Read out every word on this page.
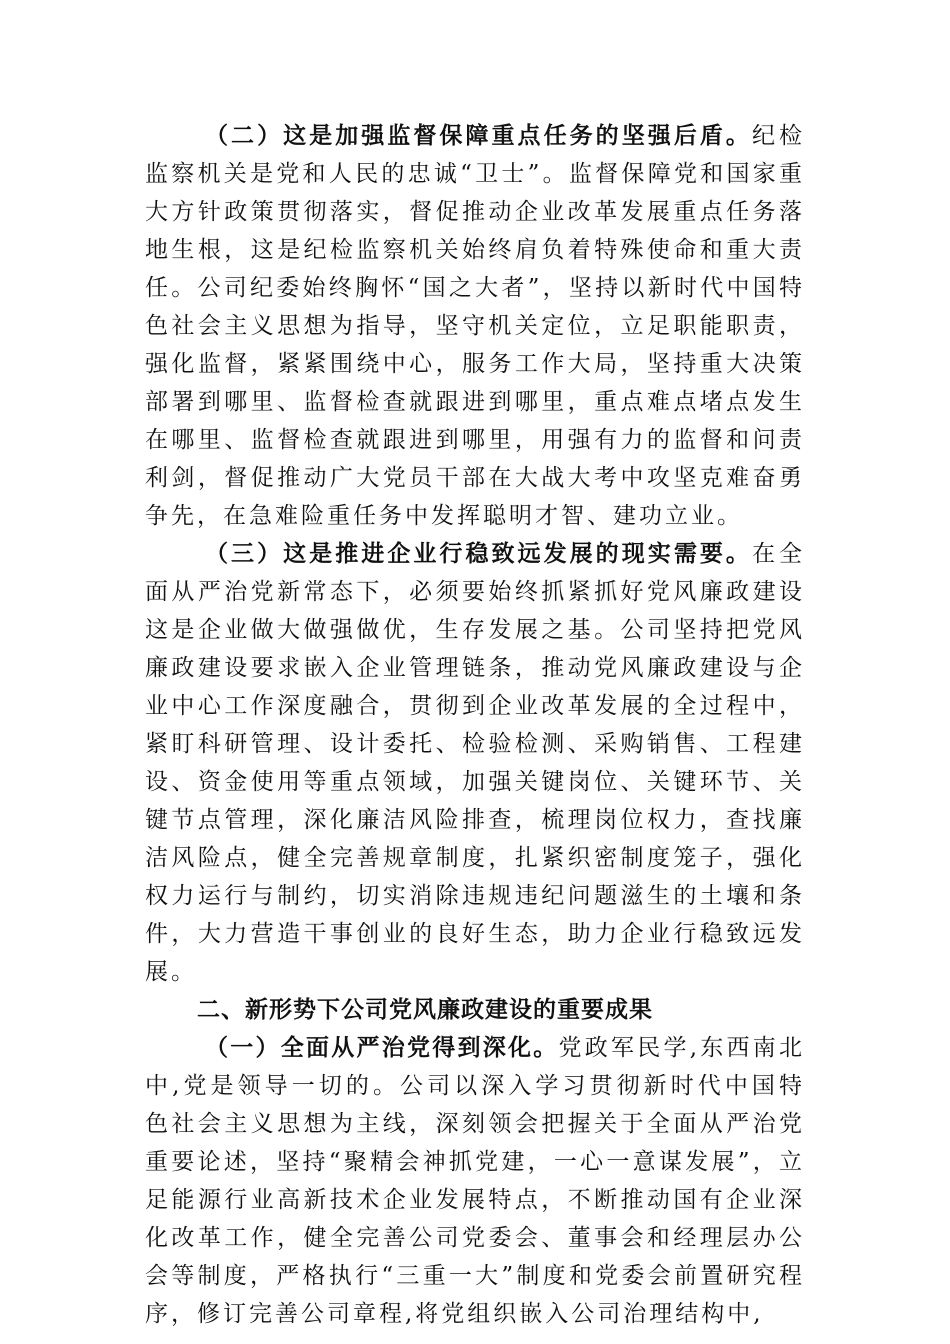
（二）这是加强监督保障重点任务的坚强后盾。纪检监察机关是党和人民的忠诚“卫士”。监督保障党和国家重大方针政策贯彻落实，督促推动企业改革发展重点任务落地生根，这是纪检监察机关始终肩负着特殊使命和重大责任。公司纪委始终胸怀“国之大者”，坚持以新时代中国特色社会主义思想为指导，坚守机关定位，立足职能职责，强化监督，紧紧围绕中心，服务工作大局，坚持重大决策部署到哪里、监督检查就跟进到哪里，重点难点堵点发生在哪里、监督检查就跟进到哪里，用强有力的监督和问责利剑，督促推动广大党员干部在大战大考中攻坚克难奋勇争先，在急难险重任务中发挥聪明才智、建功立业。

（三）这是推进企业行稳致远发展的现实需要。在全面从严治党新常态下，必须要始终抓紧抓好党风廉政建设这是企业做大做强做优，生存发展之基。公司坚持把党风廉政建设要求嵌入企业管理链条，推动党风廉政建设与企业中心工作深度融合，贯彻到企业改革发展的全过程中，紧盯科研管理、设计委托、检验检测、采购销售、工程建设、资金使用等重点领域，加强关键岗位、关键环节、关键节点管理，深化廉洁风险排查，梳理岗位权力，查找廉洁风险点，健全完善规章制度，扎紧织密制度笼子，强化权力运行与制约，切实消除违规违纪问题滋生的土壤和条件，大力营造干事创业的良好生态，助力企业行稳致远发展。

二、新形势下公司党风廉政建设的重要成果

（一）全面从严治党得到深化。党政军民学,东西南北中,党是领导一切的。公司以深入学习贯彻新时代中国特色社会主义思想为主线，深刻领会把握关于全面从严治党重要论述，坚持“聚精会神抓党建，一心一意谋发展”，立足能源行业高新技术企业发展特点，不断推动国有企业深化改革工作，健全完善公司党委会、董事会和经理层办公会等制度，严格执行“三重一大”制度和党委会前置研究程序，修订完善公司章程,将党组织嵌入公司治理结构中,
